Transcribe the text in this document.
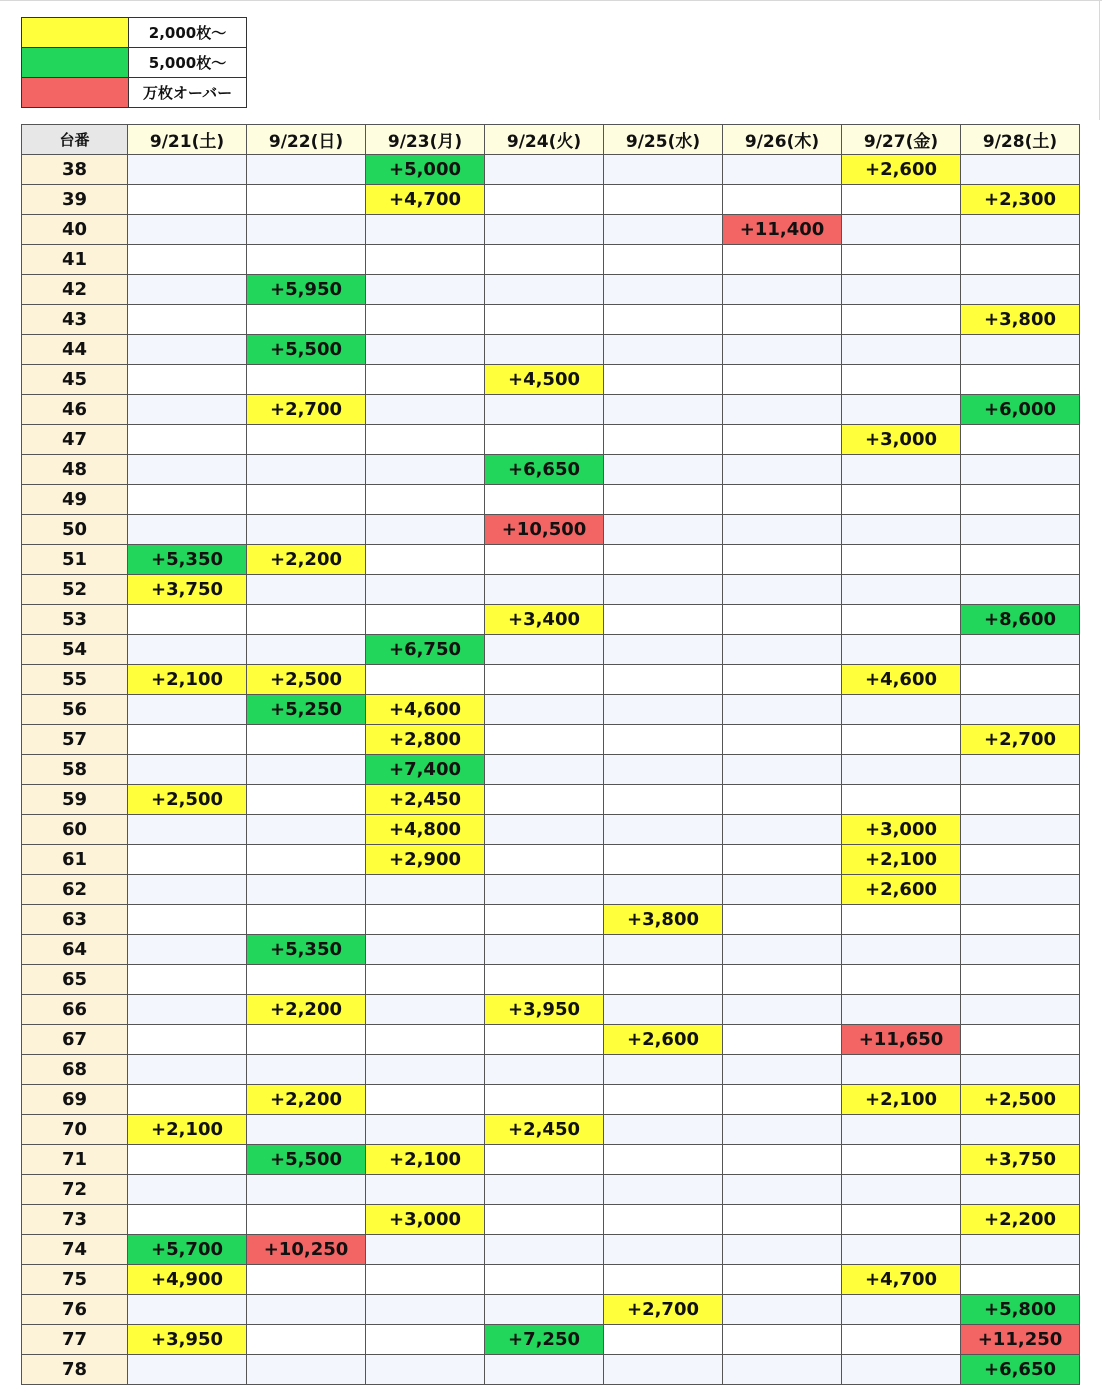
	2,000枚～
	5,000枚～
	万枚オーバー
台番	9/21(土)	9/22(日)	9/23(月)	9/24(火)	9/25(水)	9/26(木)	9/27(金)	9/28(土)
38			+5,000				+2,600	
39			+4,700					+2,300
40						+11,400		
41								
42		+5,950						
43								+3,800
44		+5,500						
45				+4,500				
46		+2,700						+6,000
47							+3,000	
48				+6,650				
49								
50				+10,500				
51	+5,350	+2,200						
52	+3,750							
53				+3,400				+8,600
54			+6,750					
55	+2,100	+2,500					+4,600	
56		+5,250	+4,600					
57			+2,800					+2,700
58			+7,400					
59	+2,500		+2,450					
60			+4,800				+3,000	
61			+2,900				+2,100	
62							+2,600	
63					+3,800			
64		+5,350						
65								
66		+2,200		+3,950				
67					+2,600		+11,650	
68								
69		+2,200					+2,100	+2,500
70	+2,100			+2,450				
71		+5,500	+2,100					+3,750
72								
73			+3,000					+2,200
74	+5,700	+10,250						
75	+4,900						+4,700	
76					+2,700			+5,800
77	+3,950			+7,250				+11,250
78								+6,650
